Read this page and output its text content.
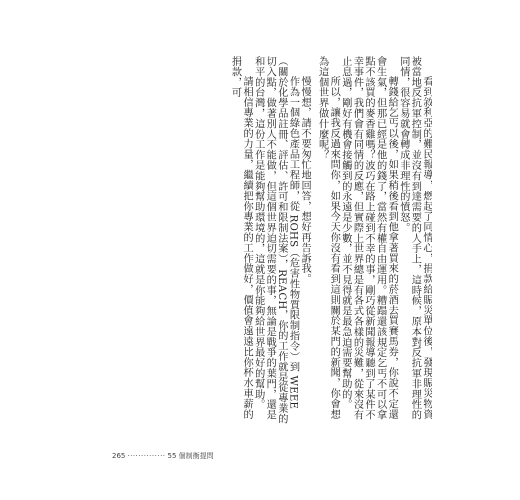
看到敘利亞的難民報導，燃起了同情心，捐款給賑災單位後，發現賑災物資被當地反抗軍控制，並沒有到達需要的人手上，這時候，原本對反抗軍非理性的同情，很容易就會轉成非理性的憤怒。

轉錢給乞丐以後，如果稍後看到他拿著買來的菸酒去買賽馬券，你說不定還會生氣，但那已經是他的錢了，當然有權自由運用。糟蹋還該規定乞丐不可以拿點不該買的麥香雞嗎？波巧在路上碰到不幸的事，剛巧從新聞報導聽到了某件不幸事件，我們會有同情的反應，但實際上世界總是有各式各樣的災難，從來沒有止息過，剛好有機會接觸到的永遠是少數，並不見得就是最急迫需要幫助的。

所以，讓我反過來問你，如果今天你沒有看到這則關於某門的新聞，你會想為這個世界做什麼呢？

慢慢想，請不要匆忙地回答，想好再告訴我。

作為一個綠色產品工程師，從 ROHS（危害性物質限制指令）到 WEEE（關於化學品註冊、評估、許可和限制法案），REACH，你的工作就是從專業的切入點，做著別人不能做，但這個世界迫切需要的事，無論是戰爭的葉門，還是和平的台灣，這份工作是能夠幫助環境的，這就是你能夠給世界最好的幫助。

請相信專業的力量，繼續把你專業的工作做好，價值會遠遠比你杯水車薪的捐款，可

265 ·············· 55 個制衡提問
